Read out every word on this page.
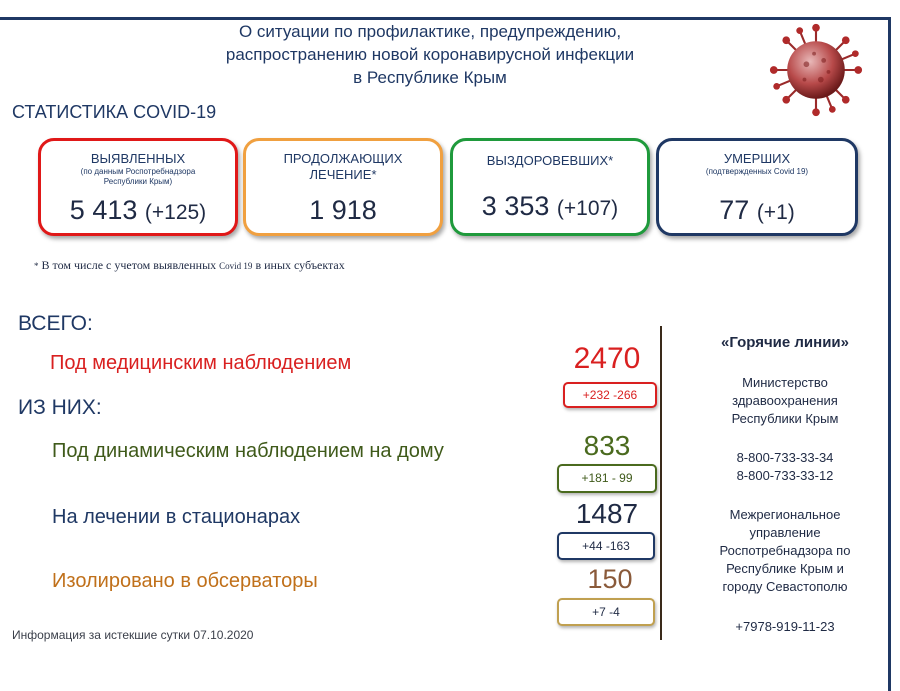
О ситуации по профилактике, предупреждению,
распространению новой коронавирусной инфекции
в Республике Крым
СТАТИСТИКА COVID-19
ВЫЯВЛЕННЫХ
(по данным Роспотребнадзора
Республики Крым)
5 413 (+125)
ПРОДОЛЖАЮЩИХ
ЛЕЧЕНИЕ*
1 918
ВЫЗДОРОВЕВШИХ*
3 353 (+107)
УМЕРШИХ
(подтвержденных Covid 19)
77 (+1)
* В том числе с учетом выявленных Covid 19 в иных субъектах
ВСЕГО:
ИЗ НИХ:
Под медицинским наблюдением	2470
+232 -266
Под динамическим наблюдением на дому	833
+181 - 99
На лечении в стационарах	1487
+44 -163
Изолировано в обсерваторы	150
+7 -4
«Горячие линии»
Министерство
здравоохранения
Республики Крым
8-800-733-33-34
8-800-733-33-12
Межрегиональное
управление
Роспотребнадзора по
Республике Крым и
городу Севастополю
+7978-919-11-23
Информация за истекшие сутки 07.10.2020
